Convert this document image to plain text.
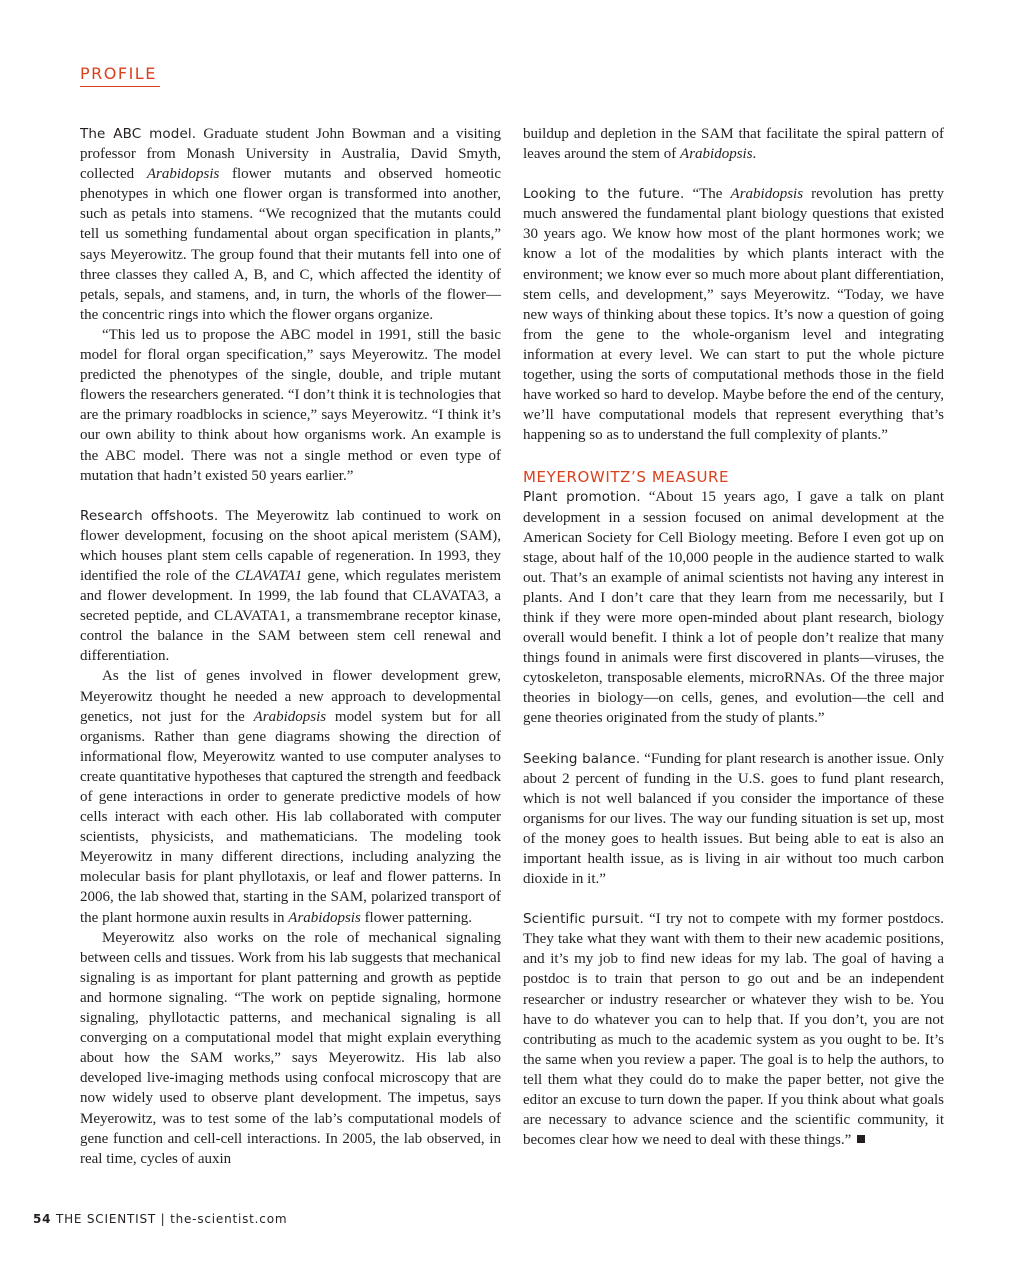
PROFILE

The ABC model. Graduate student John Bowman and a visiting professor from Monash University in Australia, David Smyth, collected Arabidopsis flower mutants and observed homeotic phenotypes in which one flower organ is transformed into another, such as petals into stamens. “We recognized that the mutants could tell us something fundamental about organ specification in plants,” says Meyerowitz. The group found that their mutants fell into one of three classes they called A, B, and C, which affected the identity of petals, sepals, and stamens, and, in turn, the whorls of the flower—the concentric rings into which the flower organs organize.

“This led us to propose the ABC model in 1991, still the basic model for floral organ specification,” says Meyerowitz. The model predicted the phenotypes of the single, double, and triple mutant flowers the researchers generated. “I don’t think it is technologies that are the primary roadblocks in science,” says Meyerowitz. “I think it’s our own ability to think about how organisms work. An example is the ABC model. There was not a single method or even type of mutation that hadn’t existed 50 years earlier.”

Research offshoots. The Meyerowitz lab continued to work on flower development, focusing on the shoot apical meristem (SAM), which houses plant stem cells capable of regeneration. In 1993, they identified the role of the CLAVATA1 gene, which regulates meristem and flower development. In 1999, the lab found that CLAVATA3, a secreted peptide, and CLAVATA1, a transmembrane receptor kinase, control the balance in the SAM between stem cell renewal and differentiation.

As the list of genes involved in flower development grew, Meyerowitz thought he needed a new approach to developmental genetics, not just for the Arabidopsis model system but for all organisms. Rather than gene diagrams showing the direction of informational flow, Meyerowitz wanted to use computer analyses to create quantitative hypotheses that captured the strength and feedback of gene interactions in order to generate predictive models of how cells interact with each other. His lab collaborated with computer scientists, physicists, and mathematicians. The modeling took Meyerowitz in many different directions, including analyzing the molecular basis for plant phyllotaxis, or leaf and flower patterns. In 2006, the lab showed that, starting in the SAM, polarized transport of the plant hormone auxin results in Arabidopsis flower patterning.

Meyerowitz also works on the role of mechanical signaling between cells and tissues. Work from his lab suggests that mechanical signaling is as important for plant patterning and growth as peptide and hormone signaling. “The work on peptide signaling, hormone signaling, phyllotactic patterns, and mechanical signaling is all converging on a computational model that might explain everything about how the SAM works,” says Meyerowitz. His lab also developed live-imaging methods using confocal microscopy that are now widely used to observe plant development. The impetus, says Meyerowitz, was to test some of the lab’s computational models of gene function and cell-cell interactions. In 2005, the lab observed, in real time, cycles of auxin

buildup and depletion in the SAM that facilitate the spiral pattern of leaves around the stem of Arabidopsis.

Looking to the future. “The Arabidopsis revolution has pretty much answered the fundamental plant biology questions that existed 30 years ago. We know how most of the plant hormones work; we know a lot of the modalities by which plants interact with the environment; we know ever so much more about plant differentiation, stem cells, and development,” says Meyerowitz. “Today, we have new ways of thinking about these topics. It’s now a question of going from the gene to the whole-organism level and integrating information at every level. We can start to put the whole picture together, using the sorts of computational methods those in the field have worked so hard to develop. Maybe before the end of the century, we’ll have computational models that represent everything that’s happening so as to understand the full complexity of plants.”

MEYEROWITZ’S MEASURE

Plant promotion. “About 15 years ago, I gave a talk on plant development in a session focused on animal development at the American Society for Cell Biology meeting. Before I even got up on stage, about half of the 10,000 people in the audience started to walk out. That’s an example of animal scientists not having any interest in plants. And I don’t care that they learn from me necessarily, but I think if they were more open-minded about plant research, biology overall would benefit. I think a lot of people don’t realize that many things found in animals were first discovered in plants—viruses, the cytoskeleton, transposable elements, microRNAs. Of the three major theories in biology—on cells, genes, and evolution—the cell and gene theories originated from the study of plants.”

Seeking balance. “Funding for plant research is another issue. Only about 2 percent of funding in the U.S. goes to fund plant research, which is not well balanced if you consider the importance of these organisms for our lives. The way our funding situation is set up, most of the money goes to health issues. But being able to eat is also an important health issue, as is living in air without too much carbon dioxide in it.”

Scientific pursuit. “I try not to compete with my former postdocs. They take what they want with them to their new academic positions, and it’s my job to find new ideas for my lab. The goal of having a postdoc is to train that person to go out and be an independent researcher or industry researcher or whatever they wish to be. You have to do whatever you can to help that. If you don’t, you are not contributing as much to the academic system as you ought to be. It’s the same when you review a paper. The goal is to help the authors, to tell them what they could do to make the paper better, not give the editor an excuse to turn down the paper. If you think about what goals are necessary to advance science and the scientific community, it becomes clear how we need to deal with these things.”

54 THE SCIENTIST | the-scientist.com
